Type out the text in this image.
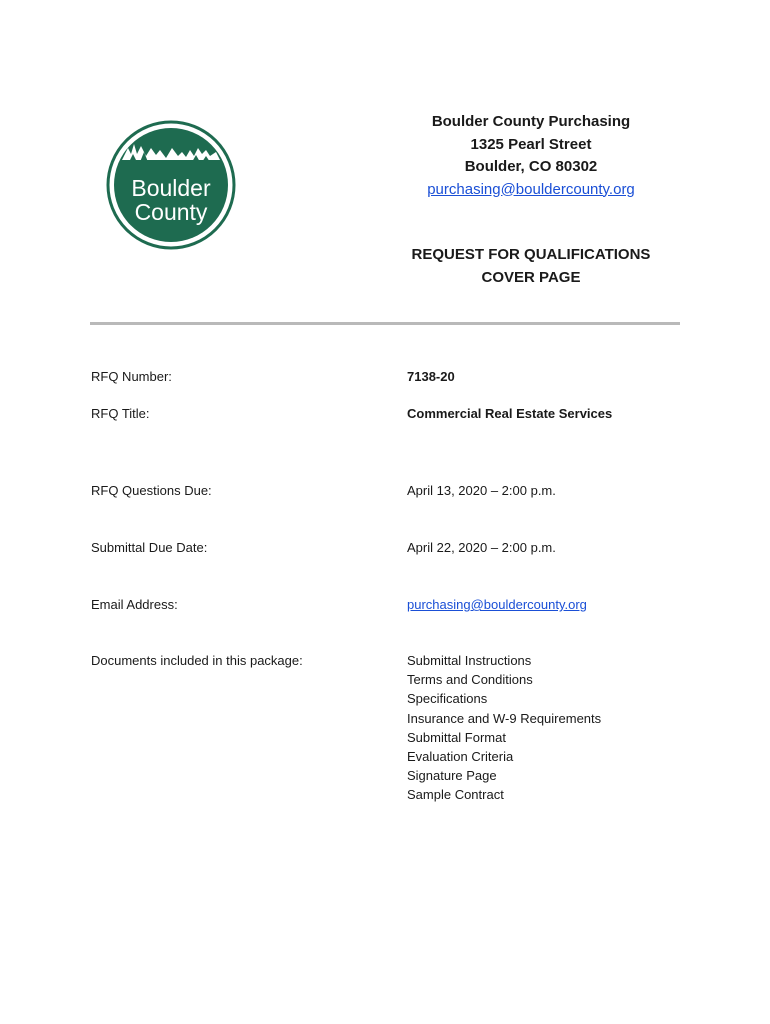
Boulder
County
Boulder County Purchasing
1325 Pearl Street
Boulder, CO 80302
purchasing@bouldercounty.org
REQUEST FOR QUALIFICATIONS
COVER PAGE
RFQ Number:	7138-20
RFQ Title:	Commercial Real Estate Services
RFQ Questions Due:	April 13, 2020 – 2:00 p.m.
Submittal Due Date:	April 22, 2020 – 2:00 p.m.
Email Address:	purchasing@bouldercounty.org
Documents included in this package:	Submittal Instructions
Terms and Conditions
Specifications
Insurance and W-9 Requirements
Submittal Format
Evaluation Criteria
Signature Page
Sample Contract
